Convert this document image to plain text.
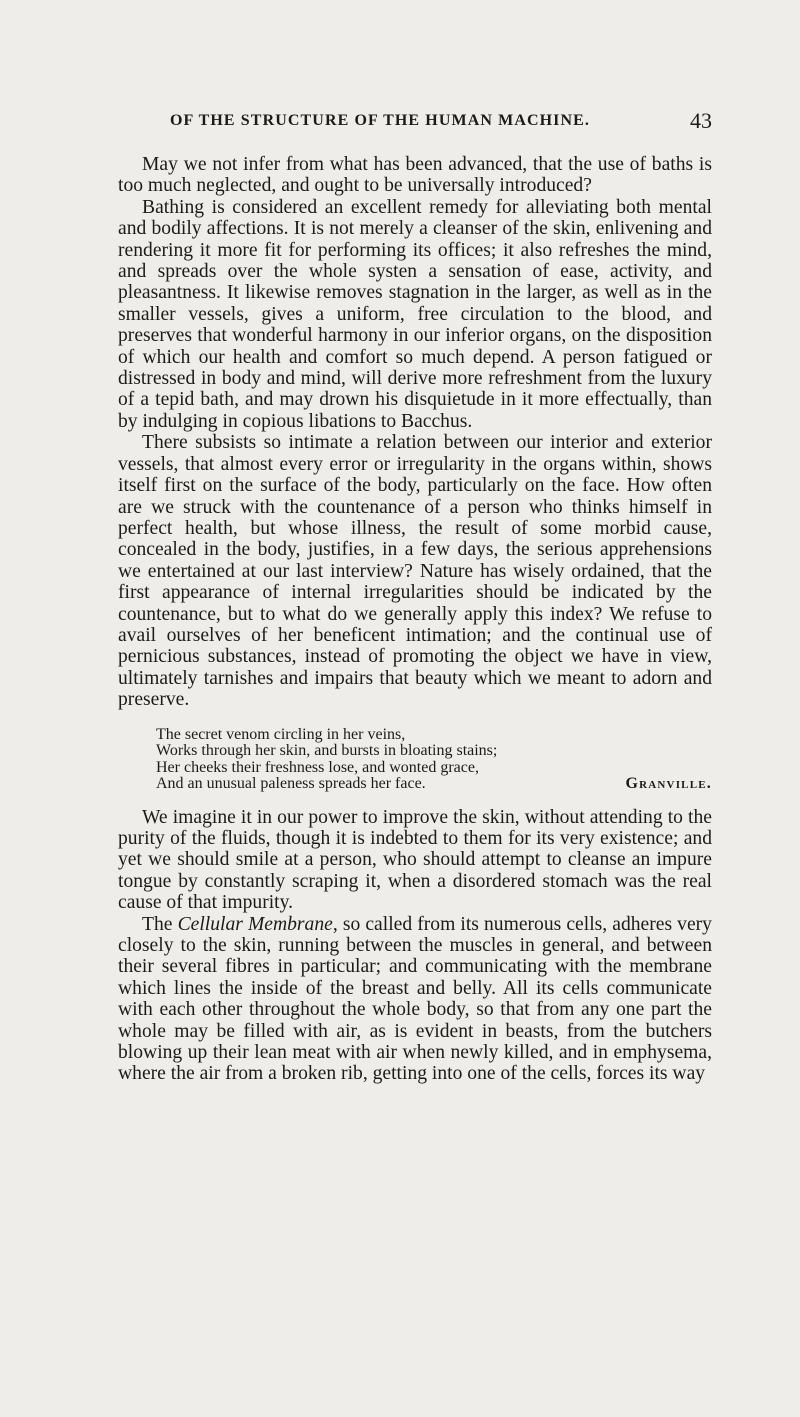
OF THE STRUCTURE OF THE HUMAN MACHINE.	43

May we not infer from what has been advanced, that the use of baths is too much neglected, and ought to be universally introduced?

Bathing is considered an excellent remedy for alleviating both mental and bodily affections. It is not merely a cleanser of the skin, enlivening and rendering it more fit for performing its offices; it also refreshes the mind, and spreads over the whole systen a sensation of ease, activity, and pleasantness. It likewise removes stagnation in the larger, as well as in the smaller vessels, gives a uniform, free circulation to the blood, and preserves that wonderful harmony in our inferior organs, on the disposition of which our health and comfort so much depend. A person fatigued or distressed in body and mind, will derive more refreshment from the luxury of a tepid bath, and may drown his disquietude in it more effectually, than by indulging in copious libations to Bacchus.

There subsists so intimate a relation between our interior and exterior vessels, that almost every error or irregularity in the organs within, shows itself first on the surface of the body, particularly on the face. How often are we struck with the countenance of a person who thinks himself in perfect health, but whose illness, the result of some morbid cause, concealed in the body, justifies, in a few days, the serious apprehensions we entertained at our last interview? Nature has wisely ordained, that the first appearance of internal irregularities should be indicated by the countenance, but to what do we generally apply this index? We refuse to avail ourselves of her beneficent intimation; and the continual use of pernicious substances, instead of promoting the object we have in view, ultimately tarnishes and impairs that beauty which we meant to adorn and preserve.

The secret venom circling in her veins,
Works through her skin, and bursts in bloating stains;
Her cheeks their freshness lose, and wonted grace,
And an unusual paleness spreads her face.	Granville.

We imagine it in our power to improve the skin, without attending to the purity of the fluids, though it is indebted to them for its very existence; and yet we should smile at a person, who should attempt to cleanse an impure tongue by constantly scraping it, when a disordered stomach was the real cause of that impurity.

The Cellular Membrane, so called from its numerous cells, adheres very closely to the skin, running between the muscles in general, and between their several fibres in particular; and communicating with the membrane which lines the inside of the breast and belly. All its cells communicate with each other throughout the whole body, so that from any one part the whole may be filled with air, as is evident in beasts, from the butchers blowing up their lean meat with air when newly killed, and in emphysema, where the air from a broken rib, getting into one of the cells, forces its way
